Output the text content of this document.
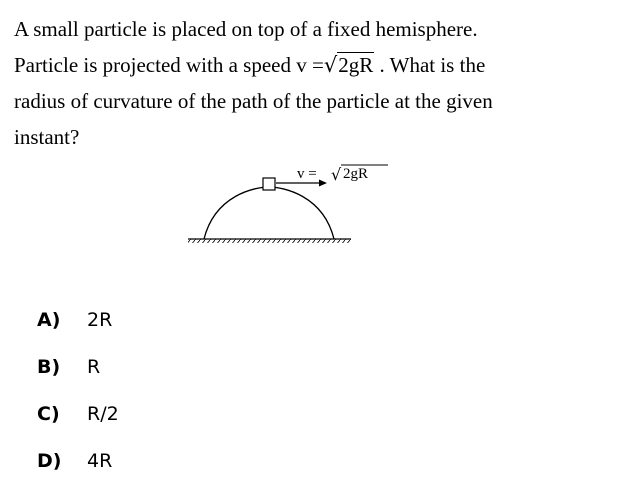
A small particle is placed on top of a fixed hemisphere.
Particle is projected with a speed v =√2gR . What is the
radius of curvature of the path of the particle at the given
instant?
v = √ 2gR
A)	2R
B)	R
C)	R/2
D)	4R
